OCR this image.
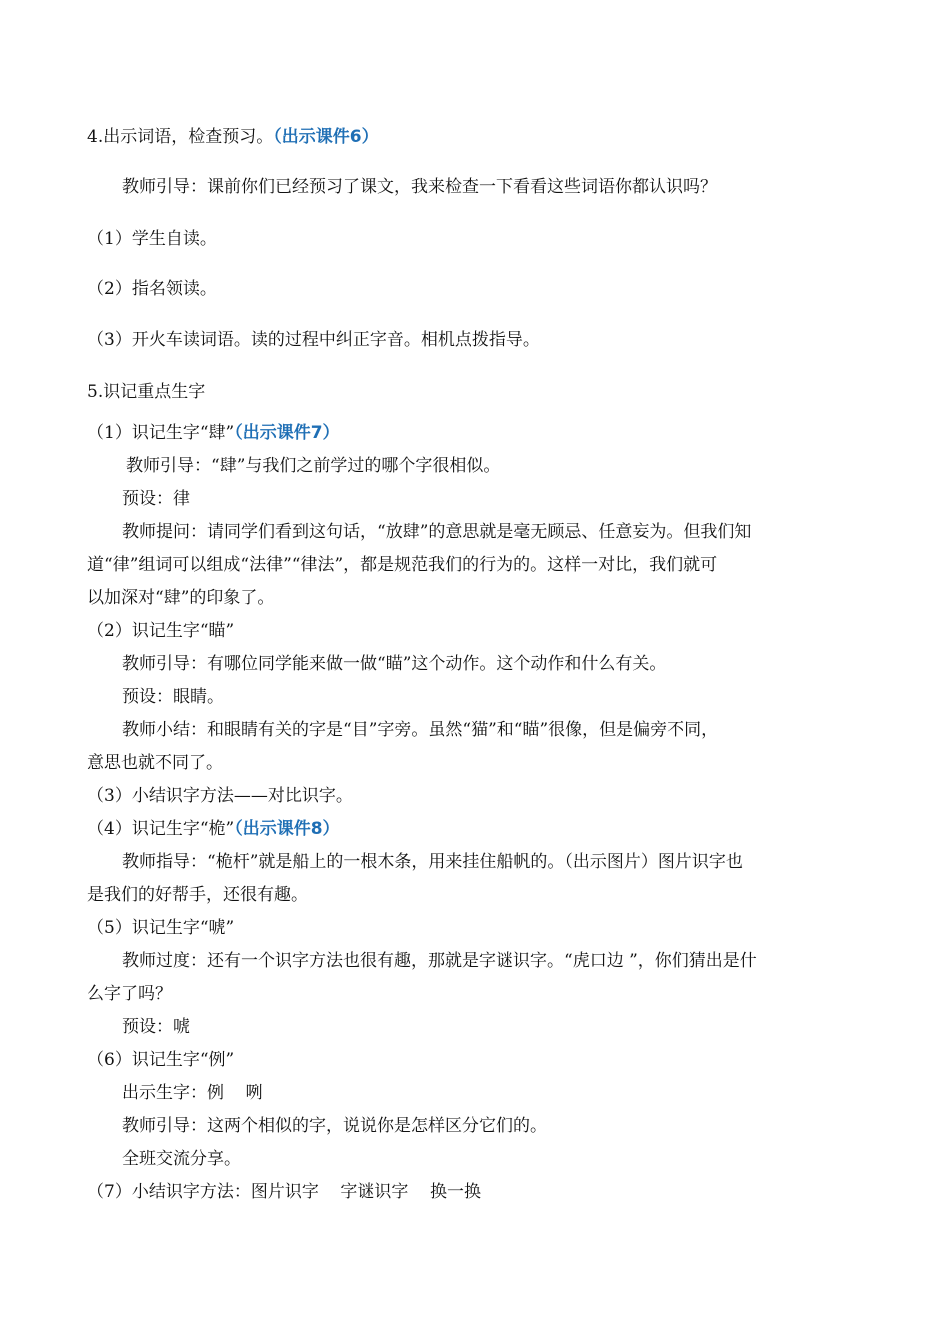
4.出示词语，检查预习。（出示课件6）
教师引导：课前你们已经预习了课文，我来检查一下看看这些词语你都认识吗？
（1）学生自读。
（2）指名领读。
（3）开火车读词语。读的过程中纠正字音。相机点拨指导。
5.识记重点生字
（1）识记生字“肆”（出示课件7）
教师引导：“肆”与我们之前学过的哪个字很相似。
预设：律
教师提问：请同学们看到这句话，“放肆”的意思就是毫无顾忌、任意妄为。但我们知
道“律”组词可以组成“法律”“律法”，都是规范我们的行为的。这样一对比，我们就可
以加深对“肆”的印象了。
（2）识记生字“瞄”
教师引导：有哪位同学能来做一做“瞄”这个动作。这个动作和什么有关。
预设：眼睛。
教师小结：和眼睛有关的字是“目”字旁。虽然“猫”和“瞄”很像，但是偏旁不同，
意思也就不同了。
（3）小结识字方法——对比识字。
（4）识记生字“桅”（出示课件8）
教师指导：“桅杆”就是船上的一根木条，用来挂住船帆的。（出示图片）图片识字也
是我们的好帮手，还很有趣。
（5）识记生字“唬”
教师过度：还有一个识字方法也很有趣，那就是字谜识字。“虎口边 ”，你们猜出是什
么字了吗？
预设：唬
（6）识记生字“例”
出示生字：例    咧
教师引导：这两个相似的字，说说你是怎样区分它们的。
全班交流分享。
（7）小结识字方法：图片识字    字谜识字    换一换
